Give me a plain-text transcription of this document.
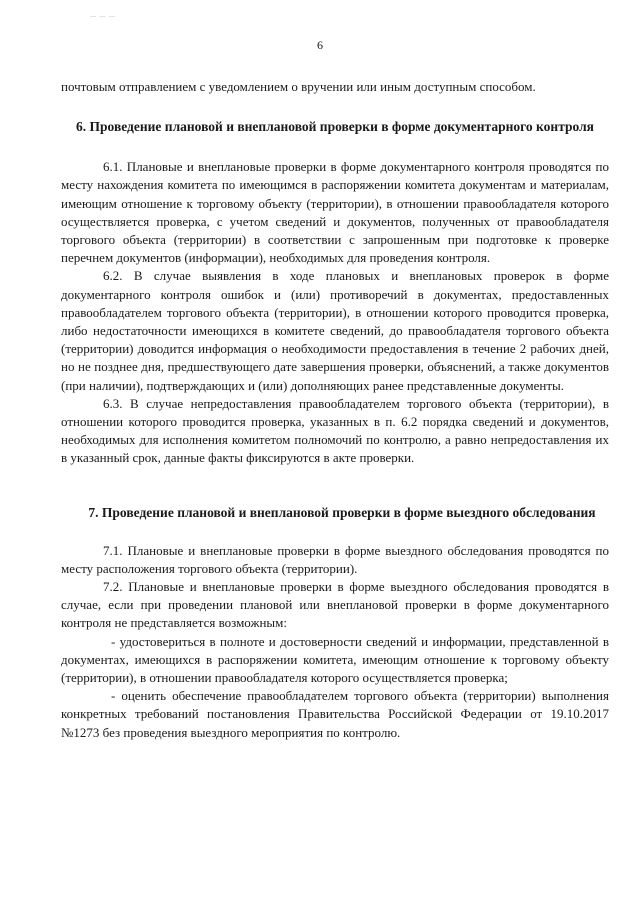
— — —
6

почтовым отправлением с уведомлением о вручении или иным доступным способом.

6. Проведение плановой и внеплановой проверки в форме документарного контроля

6.1. Плановые и внеплановые проверки в форме документарного контроля проводятся по месту нахождения комитета по имеющимся в распоряжении комитета документам и материалам, имеющим отношение к торговому объекту (территории), в отношении правообладателя которого осуществляется проверка, с учетом сведений и документов, полученных от правообладателя торгового объекта (территории) в соответствии с запрошенным при подготовке к проверке перечнем документов (информации), необходимых для проведения контроля.

6.2. В случае выявления в ходе плановых и внеплановых проверок в форме документарного контроля ошибок и (или) противоречий в документах, предоставленных правообладателем торгового объекта (территории), в отношении которого проводится проверка, либо недостаточности имеющихся в комитете сведений, до правообладателя торгового объекта (территории) доводится информация о необходимости предоставления в течение 2 рабочих дней, но не позднее дня, предшествующего дате завершения проверки, объяснений, а также документов (при наличии), подтверждающих и (или) дополняющих ранее представленные документы.

6.3. В случае непредоставления правообладателем торгового объекта (территории), в отношении которого проводится проверка, указанных в п. 6.2 порядка сведений и документов, необходимых для исполнения комитетом полномочий по контролю, а равно непредоставления их в указанный срок, данные факты фиксируются в акте проверки.

7. Проведение плановой и внеплановой проверки в форме выездного обследования

7.1. Плановые и внеплановые проверки в форме выездного обследования проводятся по месту расположения торгового объекта (территории).

7.2. Плановые и внеплановые проверки в форме выездного обследования проводятся в случае, если при проведении плановой или внеплановой проверки в форме документарного контроля не представляется возможным:

- удостовериться в полноте и достоверности сведений и информации, представленной в документах, имеющихся в распоряжении комитета, имеющим отношение к торговому объекту (территории), в отношении правообладателя которого осуществляется проверка;

- оценить обеспечение правообладателем торгового объекта (территории) выполнения конкретных требований постановления Правительства Российской Федерации от 19.10.2017 №1273 без проведения выездного мероприятия по контролю.
